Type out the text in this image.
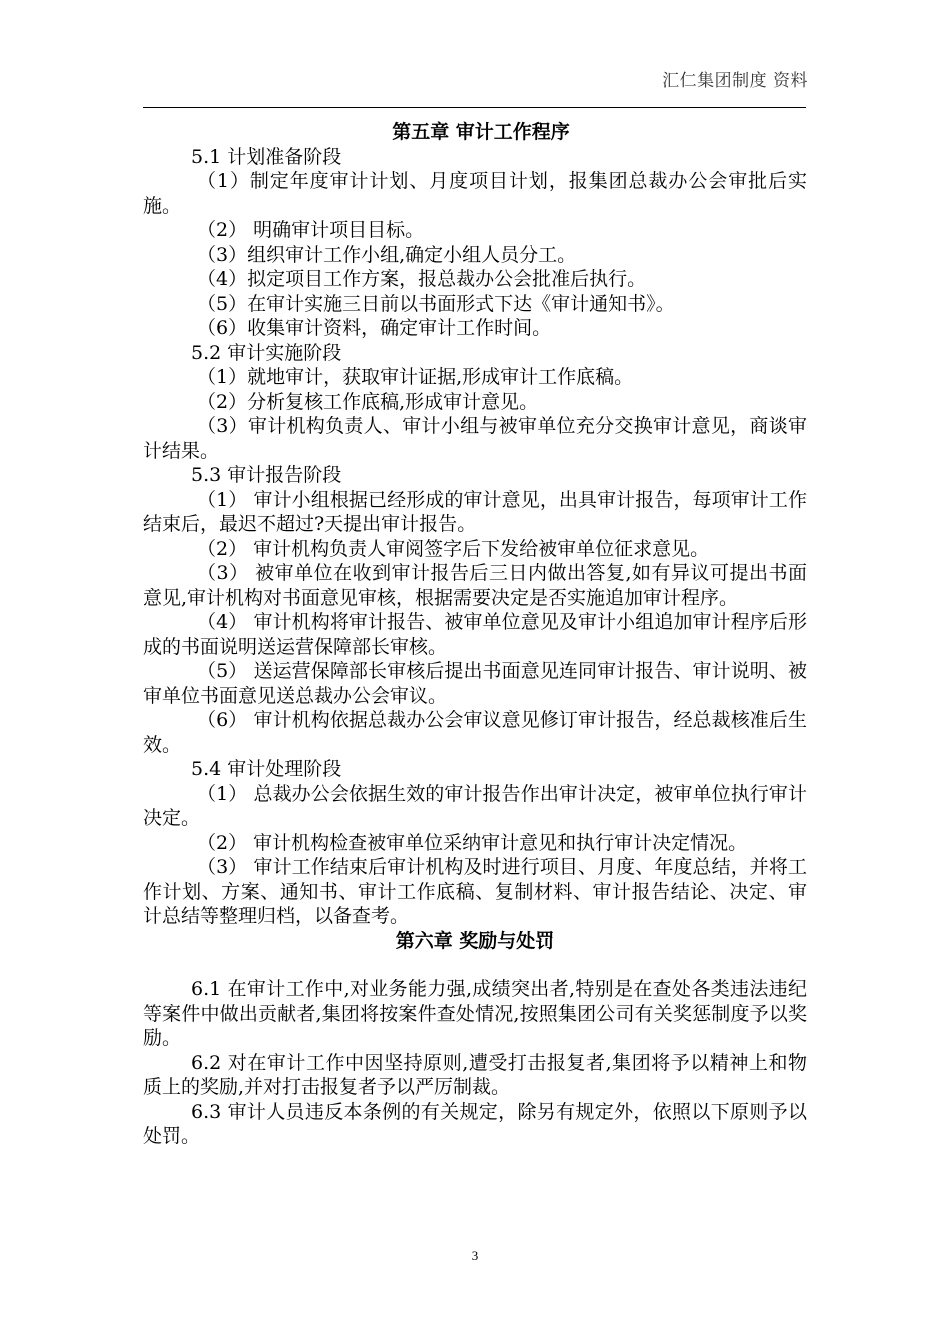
汇仁集团制度 资料

第五章 审计工作程序

5.1 计划准备阶段

（1）制定年度审计计划、月度项目计划，报集团总裁办公会审批后实施。

（2） 明确审计项目目标。

（3）组织审计工作小组,确定小组人员分工。

（4）拟定项目工作方案，报总裁办公会批准后执行。

（5）在审计实施三日前以书面形式下达《审计通知书》。

（6）收集审计资料，确定审计工作时间。

5.2 审计实施阶段

（1）就地审计，获取审计证据,形成审计工作底稿。

（2）分析复核工作底稿,形成审计意见。

（3）审计机构负责人、审计小组与被审单位充分交换审计意见，商谈审计结果。

5.3 审计报告阶段

（1） 审计小组根据已经形成的审计意见，出具审计报告，每项审计工作结束后，最迟不超过?天提出审计报告。

（2） 审计机构负责人审阅签字后下发给被审单位征求意见。

（3） 被审单位在收到审计报告后三日内做出答复,如有异议可提出书面意见,审计机构对书面意见审核，根据需要决定是否实施追加审计程序。

（4） 审计机构将审计报告、被审单位意见及审计小组追加审计程序后形成的书面说明送运营保障部长审核。

（5） 送运营保障部长审核后提出书面意见连同审计报告、审计说明、被审单位书面意见送总裁办公会审议。

（6） 审计机构依据总裁办公会审议意见修订审计报告，经总裁核准后生效。

5.4 审计处理阶段

（1） 总裁办公会依据生效的审计报告作出审计决定，被审单位执行审计决定。

（2） 审计机构检查被审单位采纳审计意见和执行审计决定情况。

（3） 审计工作结束后审计机构及时进行项目、月度、年度总结，并将工作计划、方案、通知书、审计工作底稿、复制材料、审计报告结论、决定、审计总结等整理归档，以备查考。

第六章 奖励与处罚

6.1 在审计工作中,对业务能力强,成绩突出者,特别是在查处各类违法违纪等案件中做出贡献者,集团将按案件查处情况,按照集团公司有关奖惩制度予以奖励。

6.2 对在审计工作中因坚持原则,遭受打击报复者,集团将予以精神上和物质上的奖励,并对打击报复者予以严厉制裁。

6.3 审计人员违反本条例的有关规定，除另有规定外，依照以下原则予以处罚。

3
